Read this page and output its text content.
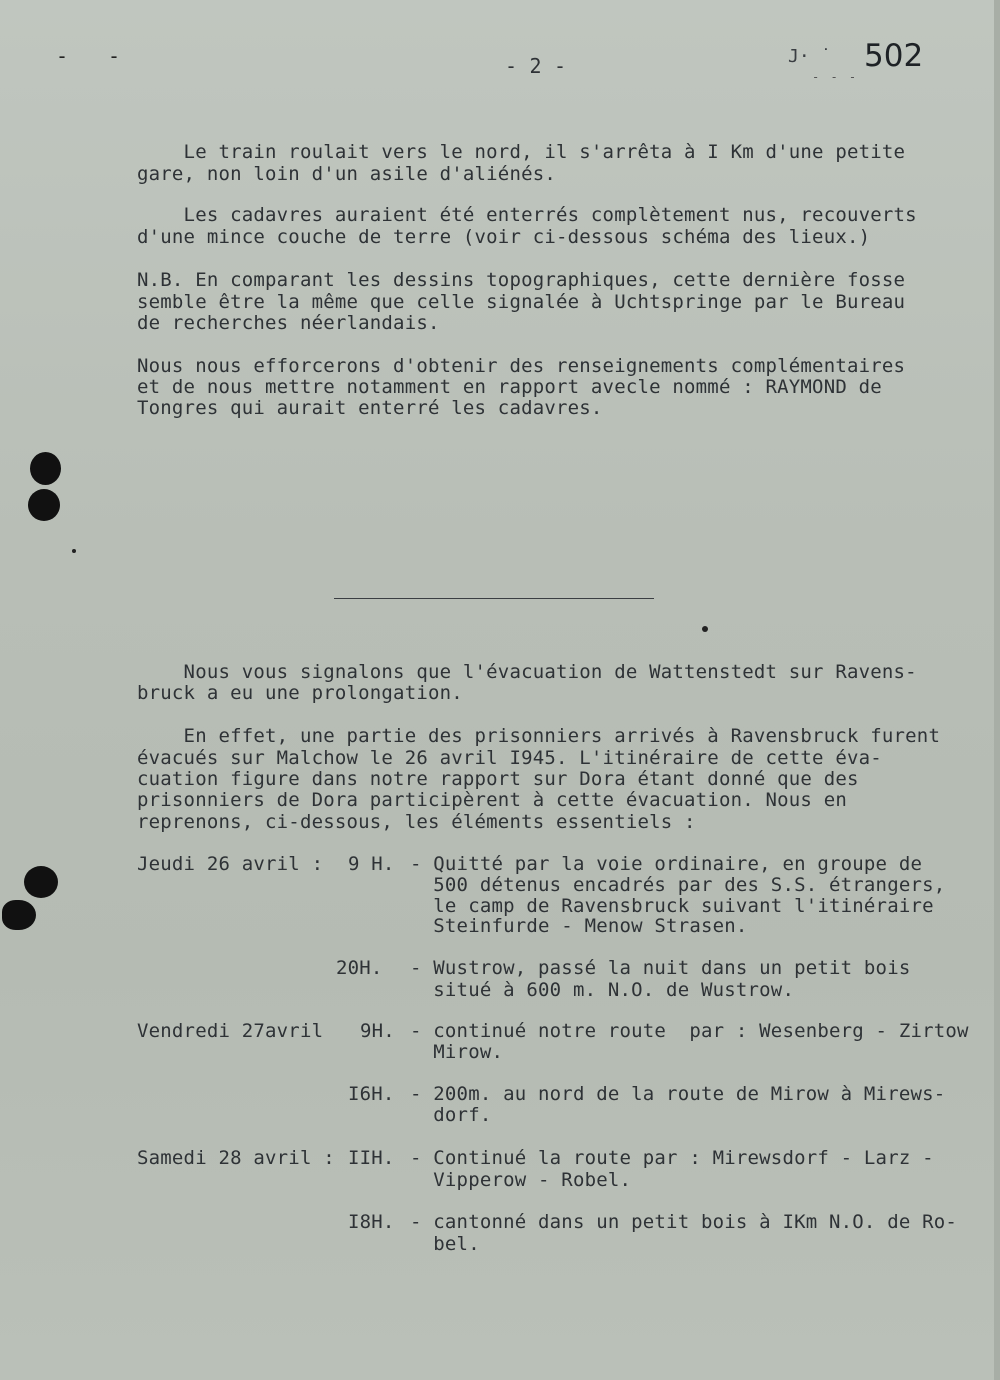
- -	- 2 -	J· ˙
- - -
502
Le train roulait vers le nord, il s'arrêta à I Km d'une petite
gare, non loin d'un asile d'aliénés.
Les cadavres auraient été enterrés complètement nus, recouverts
d'une mince couche de terre (voir ci-dessous schéma des lieux.)
N.B. En comparant les dessins topographiques, cette dernière fosse
semble être la même que celle signalée à Uchtspringe par le Bureau
de recherches néerlandais.
Nous nous efforcerons d'obtenir des renseignements complémentaires
et de nous mettre notamment en rapport avecle nommé : RAYMOND de
Tongres qui aurait enterré les cadavres.
Nous vous signalons que l'évacuation de Wattenstedt sur Ravens-
bruck a eu une prolongation.
En effet, une partie des prisonniers arrivés à Ravensbruck furent
évacués sur Malchow le 26 avril I945. L'itinéraire de cette éva-
cuation figure dans notre rapport sur Dora étant donné que des
prisonniers de Dora participèrent à cette évacuation. Nous en
reprenons, ci-dessous, les éléments essentiels :
Jeudi 26 avril : 9 H. - Quitté par la voie ordinaire, en groupe de
500 détenus encadrés par des S.S. étrangers,
le camp de Ravensbruck suivant l'itinéraire
Steinfurde - Menow Strasen.
20H. - Wustrow, passé la nuit dans un petit bois
situé à 600 m. N.O. de Wustrow.
Vendredi 27avril 9H. - continué notre route  par : Wesenberg - Zirtow
Mirow.
I6H. - 200m. au nord de la route de Mirow à Mirews-
dorf.
Samedi 28 avril : IIH. - Continué la route par : Mirewsdorf - Larz -
Vipperow - Robel.
I8H. - cantonné dans un petit bois à IKm N.O. de Ro-
bel.
